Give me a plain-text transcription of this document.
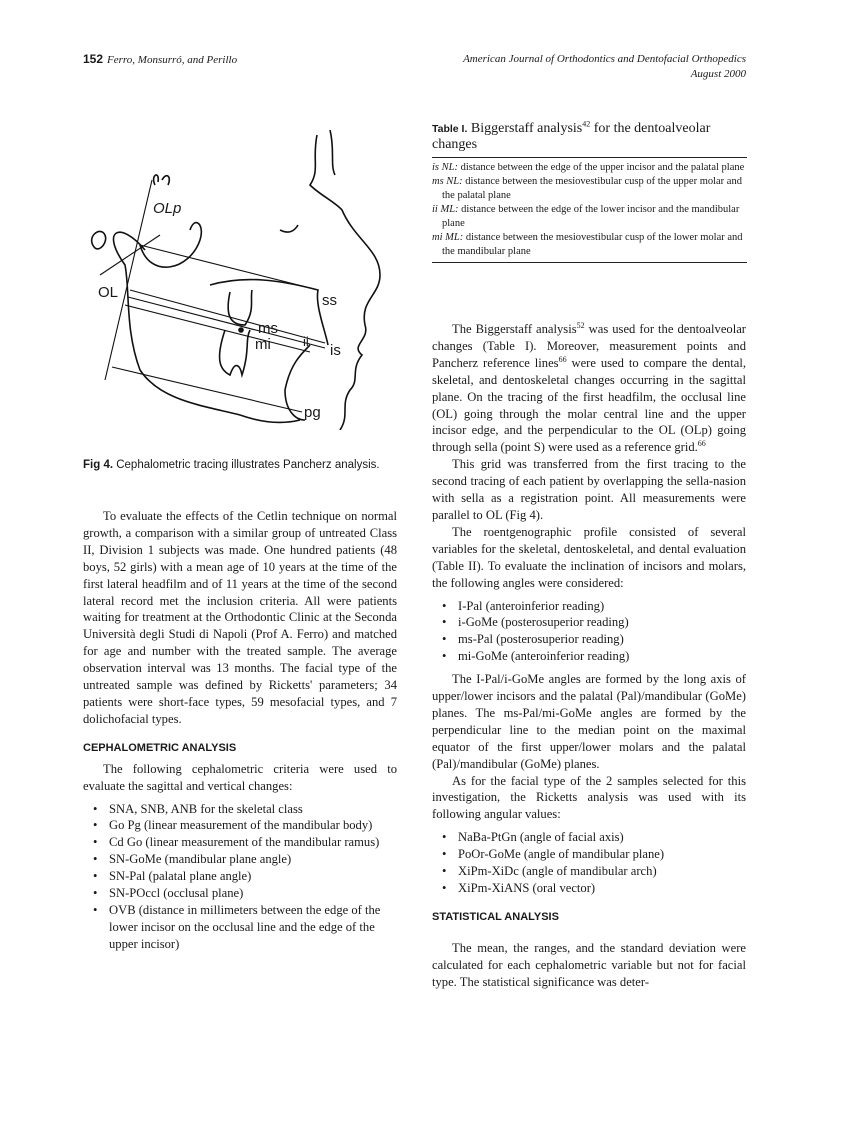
152 Ferro, Monsurró, and Perillo	American Journal of Orthodontics and Dentofacial Orthopedics
August 2000
OLp
OL	ss
ms
mi ii
is
pg
Fig 4. Cephalometric tracing illustrates Pancherz analysis.
Table I. Biggerstaff analysis$^{42}$ for the dentoalveolar changes
is NL: distance between the edge of the upper incisor and the palatal plane
ms NL: distance between the mesiovestibular cusp of the upper molar and the palatal plane
ii ML: distance between the edge of the lower incisor and the mandibular plane
mi ML: distance between the mesiovestibular cusp of the lower molar and the mandibular plane

To evaluate the effects of the Cetlin technique on normal growth, a comparison with a similar group of untreated Class II, Division 1 subjects was made. One hundred patients (48 boys, 52 girls) with a mean age of 10 years at the time of the first lateral headfilm and of 11 years at the time of the second lateral record met the inclusion criteria. All were patients waiting for treatment at the Orthodontic Clinic at the Seconda Università degli Studi di Napoli (Prof A. Ferro) and matched for age and number with the treated sample. The average observation interval was 13 months. The facial type of the untreated sample was defined by Ricketts' parameters; 34 patients were short-face types, 59 mesofacial types, and 7 dolichofacial types.

CEPHALOMETRIC ANALYSIS

The following cephalometric criteria were used to evaluate the sagittal and vertical changes:

• SNA, SNB, ANB for the skeletal class
• Go Pg (linear measurement of the mandibular body)
• Cd Go (linear measurement of the mandibular ramus)
• SN-GoMe (mandibular plane angle)
• SN-Pal (palatal plane angle)
• SN-POccl (occlusal plane)
• OVB (distance in millimeters between the edge of the lower incisor on the occlusal line and the edge of the upper incisor)

The Biggerstaff analysis$^{52}$ was used for the dentoalveolar changes (Table I). Moreover, measurement points and Pancherz reference lines$^{66}$ were used to compare the dental, skeletal, and dentoskeletal changes occurring in the sagittal plane. On the tracing of the first headfilm, the occlusal line (OL) going through the molar central line and the upper incisor edge, and the perpendicular to the OL (OLp) going through sella (point S) were used as a reference grid.$^{66}$

This grid was transferred from the first tracing to the second tracing of each patient by overlapping the sella-nasion with sella as a registration point. All measurements were parallel to OL (Fig 4).

The roentgenographic profile consisted of several variables for the skeletal, dentoskeletal, and dental evaluation (Table II). To evaluate the inclination of incisors and molars, the following angles were considered:

• I-Pal (anteroinferior reading)
• i-GoMe (posterosuperior reading)
• ms-Pal (posterosuperior reading)
• mi-GoMe (anteroinferior reading)

The I-Pal/i-GoMe angles are formed by the long axis of upper/lower incisors and the palatal (Pal)/mandibular (GoMe) planes. The ms-Pal/mi-GoMe angles are formed by the perpendicular line to the median point on the maximal equator of the first upper/lower molars and the palatal (Pal)/mandibular (GoMe) planes.

As for the facial type of the 2 samples selected for this investigation, the Ricketts analysis was used with its following angular values:

• NaBa-PtGn (angle of facial axis)
• PoOr-GoMe (angle of mandibular plane)
• XiPm-XiDc (angle of mandibular arch)
• XiPm-XiANS (oral vector)
STATISTICAL ANALYSIS

The mean, the ranges, and the standard deviation were calculated for each cephalometric variable but not for facial type. The statistical significance was deter-
